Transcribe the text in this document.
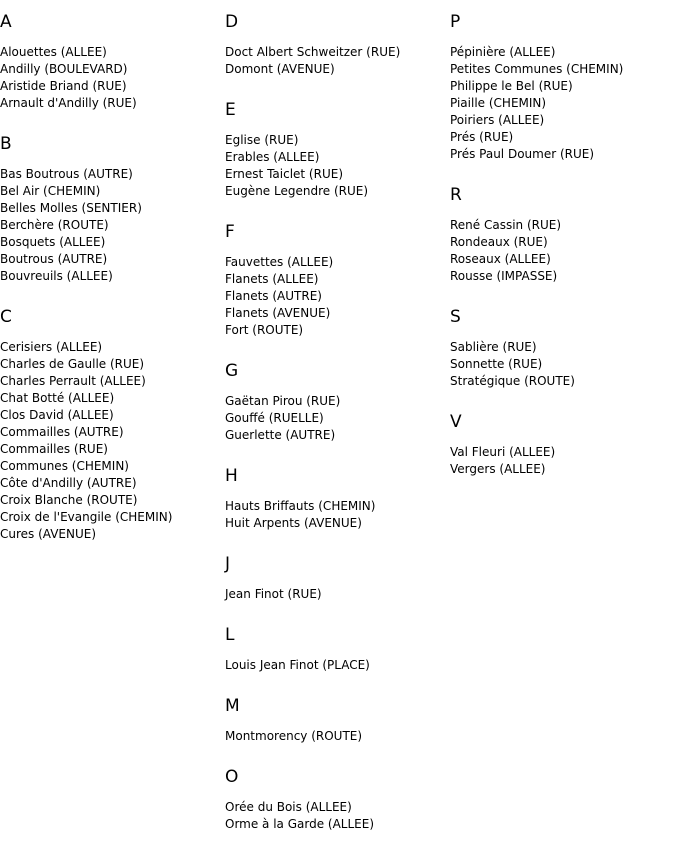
A
Alouettes (ALLEE)
Andilly (BOULEVARD)
Aristide Briand (RUE)
Arnault d'Andilly (RUE)
B
Bas Boutrous (AUTRE)
Bel Air (CHEMIN)
Belles Molles (SENTIER)
Berchère (ROUTE)
Bosquets (ALLEE)
Boutrous (AUTRE)
Bouvreuils (ALLEE)
C
Cerisiers (ALLEE)
Charles de Gaulle (RUE)
Charles Perrault (ALLEE)
Chat Botté (ALLEE)
Clos David (ALLEE)
Commailles (AUTRE)
Commailles (RUE)
Communes (CHEMIN)
Côte d'Andilly (AUTRE)
Croix Blanche (ROUTE)
Croix de l'Evangile (CHEMIN)
Cures (AVENUE)
D
Doct Albert Schweitzer (RUE)
Domont (AVENUE)
E
Eglise (RUE)
Erables (ALLEE)
Ernest Taiclet (RUE)
Eugène Legendre (RUE)
F
Fauvettes (ALLEE)
Flanets (ALLEE)
Flanets (AUTRE)
Flanets (AVENUE)
Fort (ROUTE)
G
Gaëtan Pirou (RUE)
Gouffé (RUELLE)
Guerlette (AUTRE)
H
Hauts Briffauts (CHEMIN)
Huit Arpents (AVENUE)
J
Jean Finot (RUE)
L
Louis Jean Finot (PLACE)
M
Montmorency (ROUTE)
O
Orée du Bois (ALLEE)
Orme à la Garde (ALLEE)
P
Pépinière (ALLEE)
Petites Communes (CHEMIN)
Philippe le Bel (RUE)
Piaille (CHEMIN)
Poiriers (ALLEE)
Prés (RUE)
Prés Paul Doumer (RUE)
R
René Cassin (RUE)
Rondeaux (RUE)
Roseaux (ALLEE)
Rousse (IMPASSE)
S
Sablière (RUE)
Sonnette (RUE)
Stratégique (ROUTE)
V
Val Fleuri (ALLEE)
Vergers (ALLEE)
